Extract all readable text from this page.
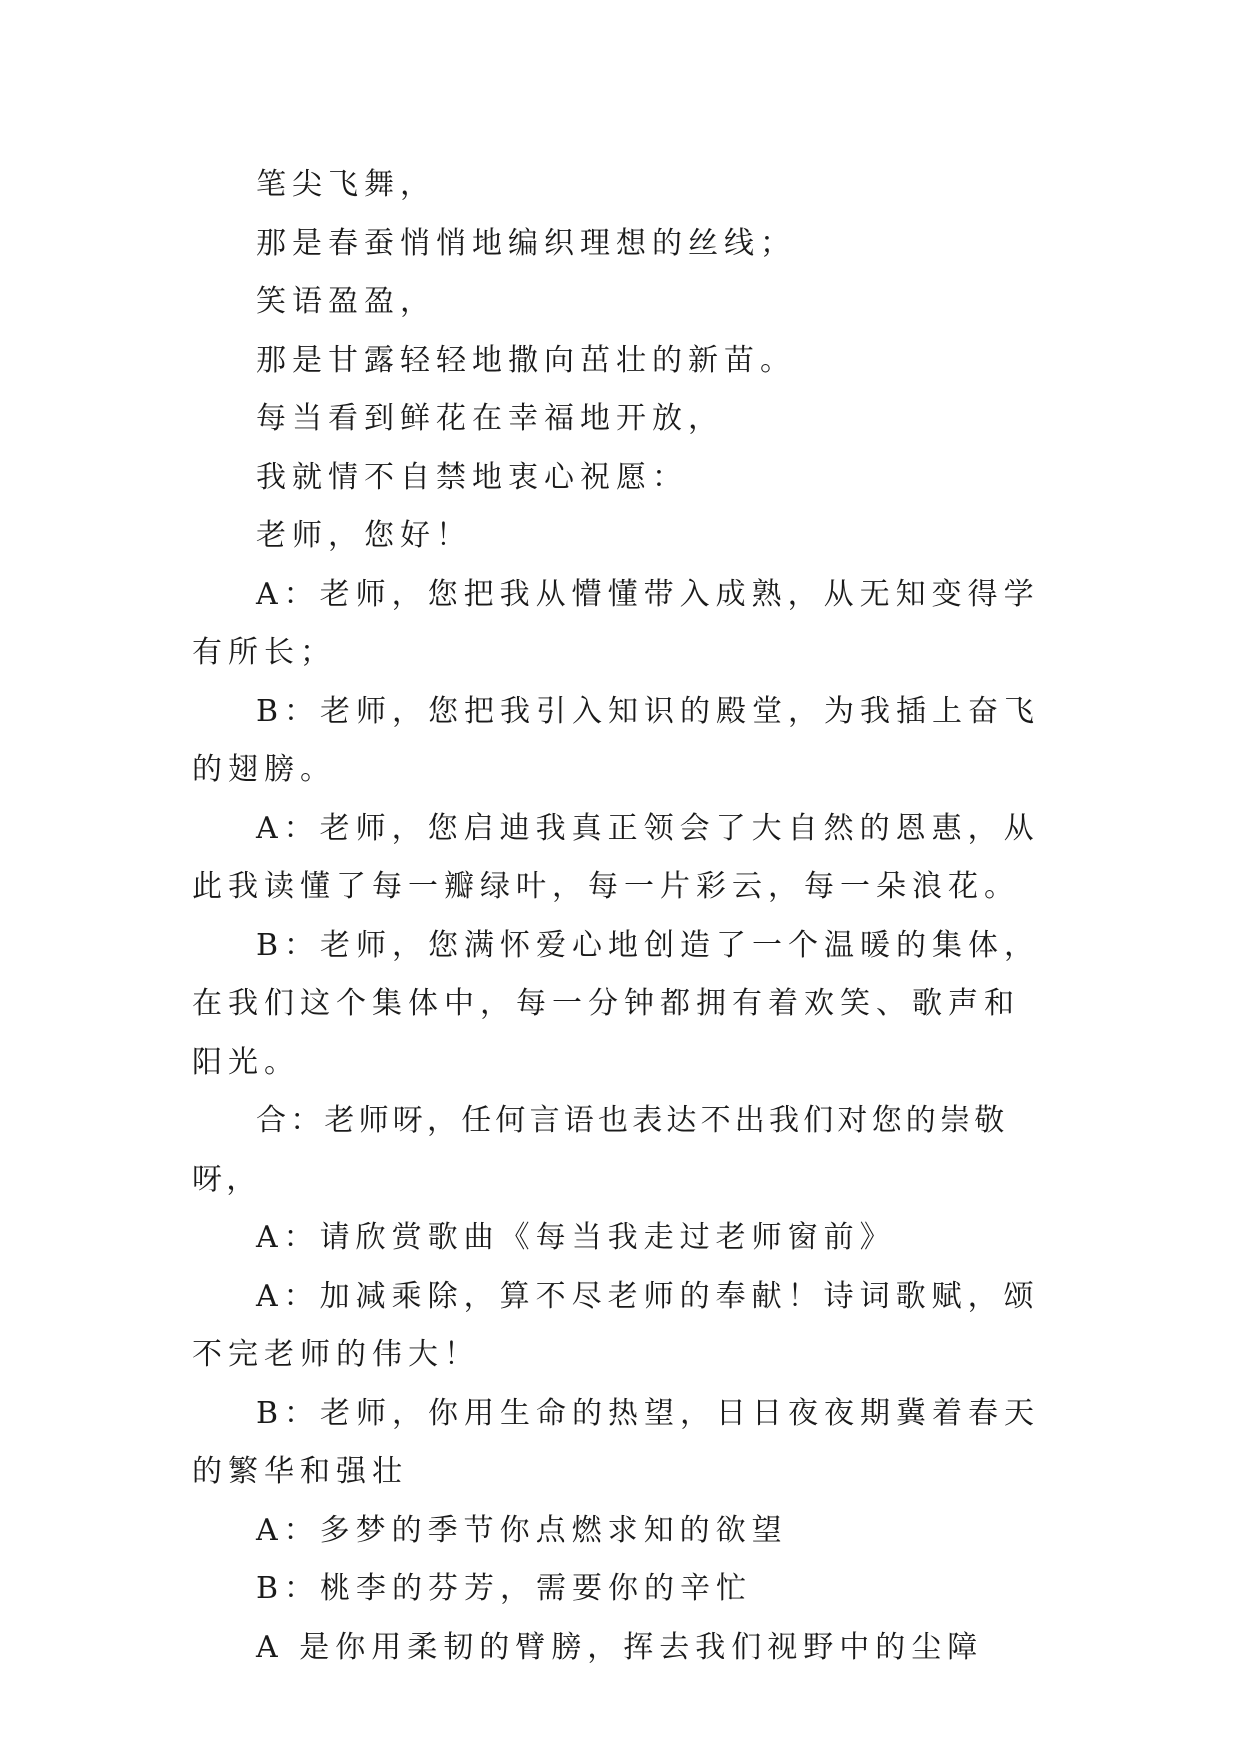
笔尖飞舞，

那是春蚕悄悄地编织理想的丝线；

笑语盈盈，

那是甘露轻轻地撒向茁壮的新苗。

每当看到鲜花在幸福地开放，

我就情不自禁地衷心祝愿：

老师，您好！

A：老师，您把我从懵懂带入成熟，从无知变得学有所长；

B：老师，您把我引入知识的殿堂，为我插上奋飞的翅膀。

A：老师，您启迪我真正领会了大自然的恩惠，从此我读懂了每一瓣绿叶，每一片彩云，每一朵浪花。

B：老师，您满怀爱心地创造了一个温暖的集体，在我们这个集体中，每一分钟都拥有着欢笑、歌声和阳光。

合：老师呀，任何言语也表达不出我们对您的崇敬呀，

A：请欣赏歌曲《每当我走过老师窗前》

A：加减乘除，算不尽老师的奉献！诗词歌赋，颂不完老师的伟大！

B：老师，你用生命的热望，日日夜夜期冀着春天的繁华和强壮

A：多梦的季节你点燃求知的欲望

B：桃李的芬芳，需要你的辛忙

A 是你用柔韧的臂膀，挥去我们视野中的尘障
